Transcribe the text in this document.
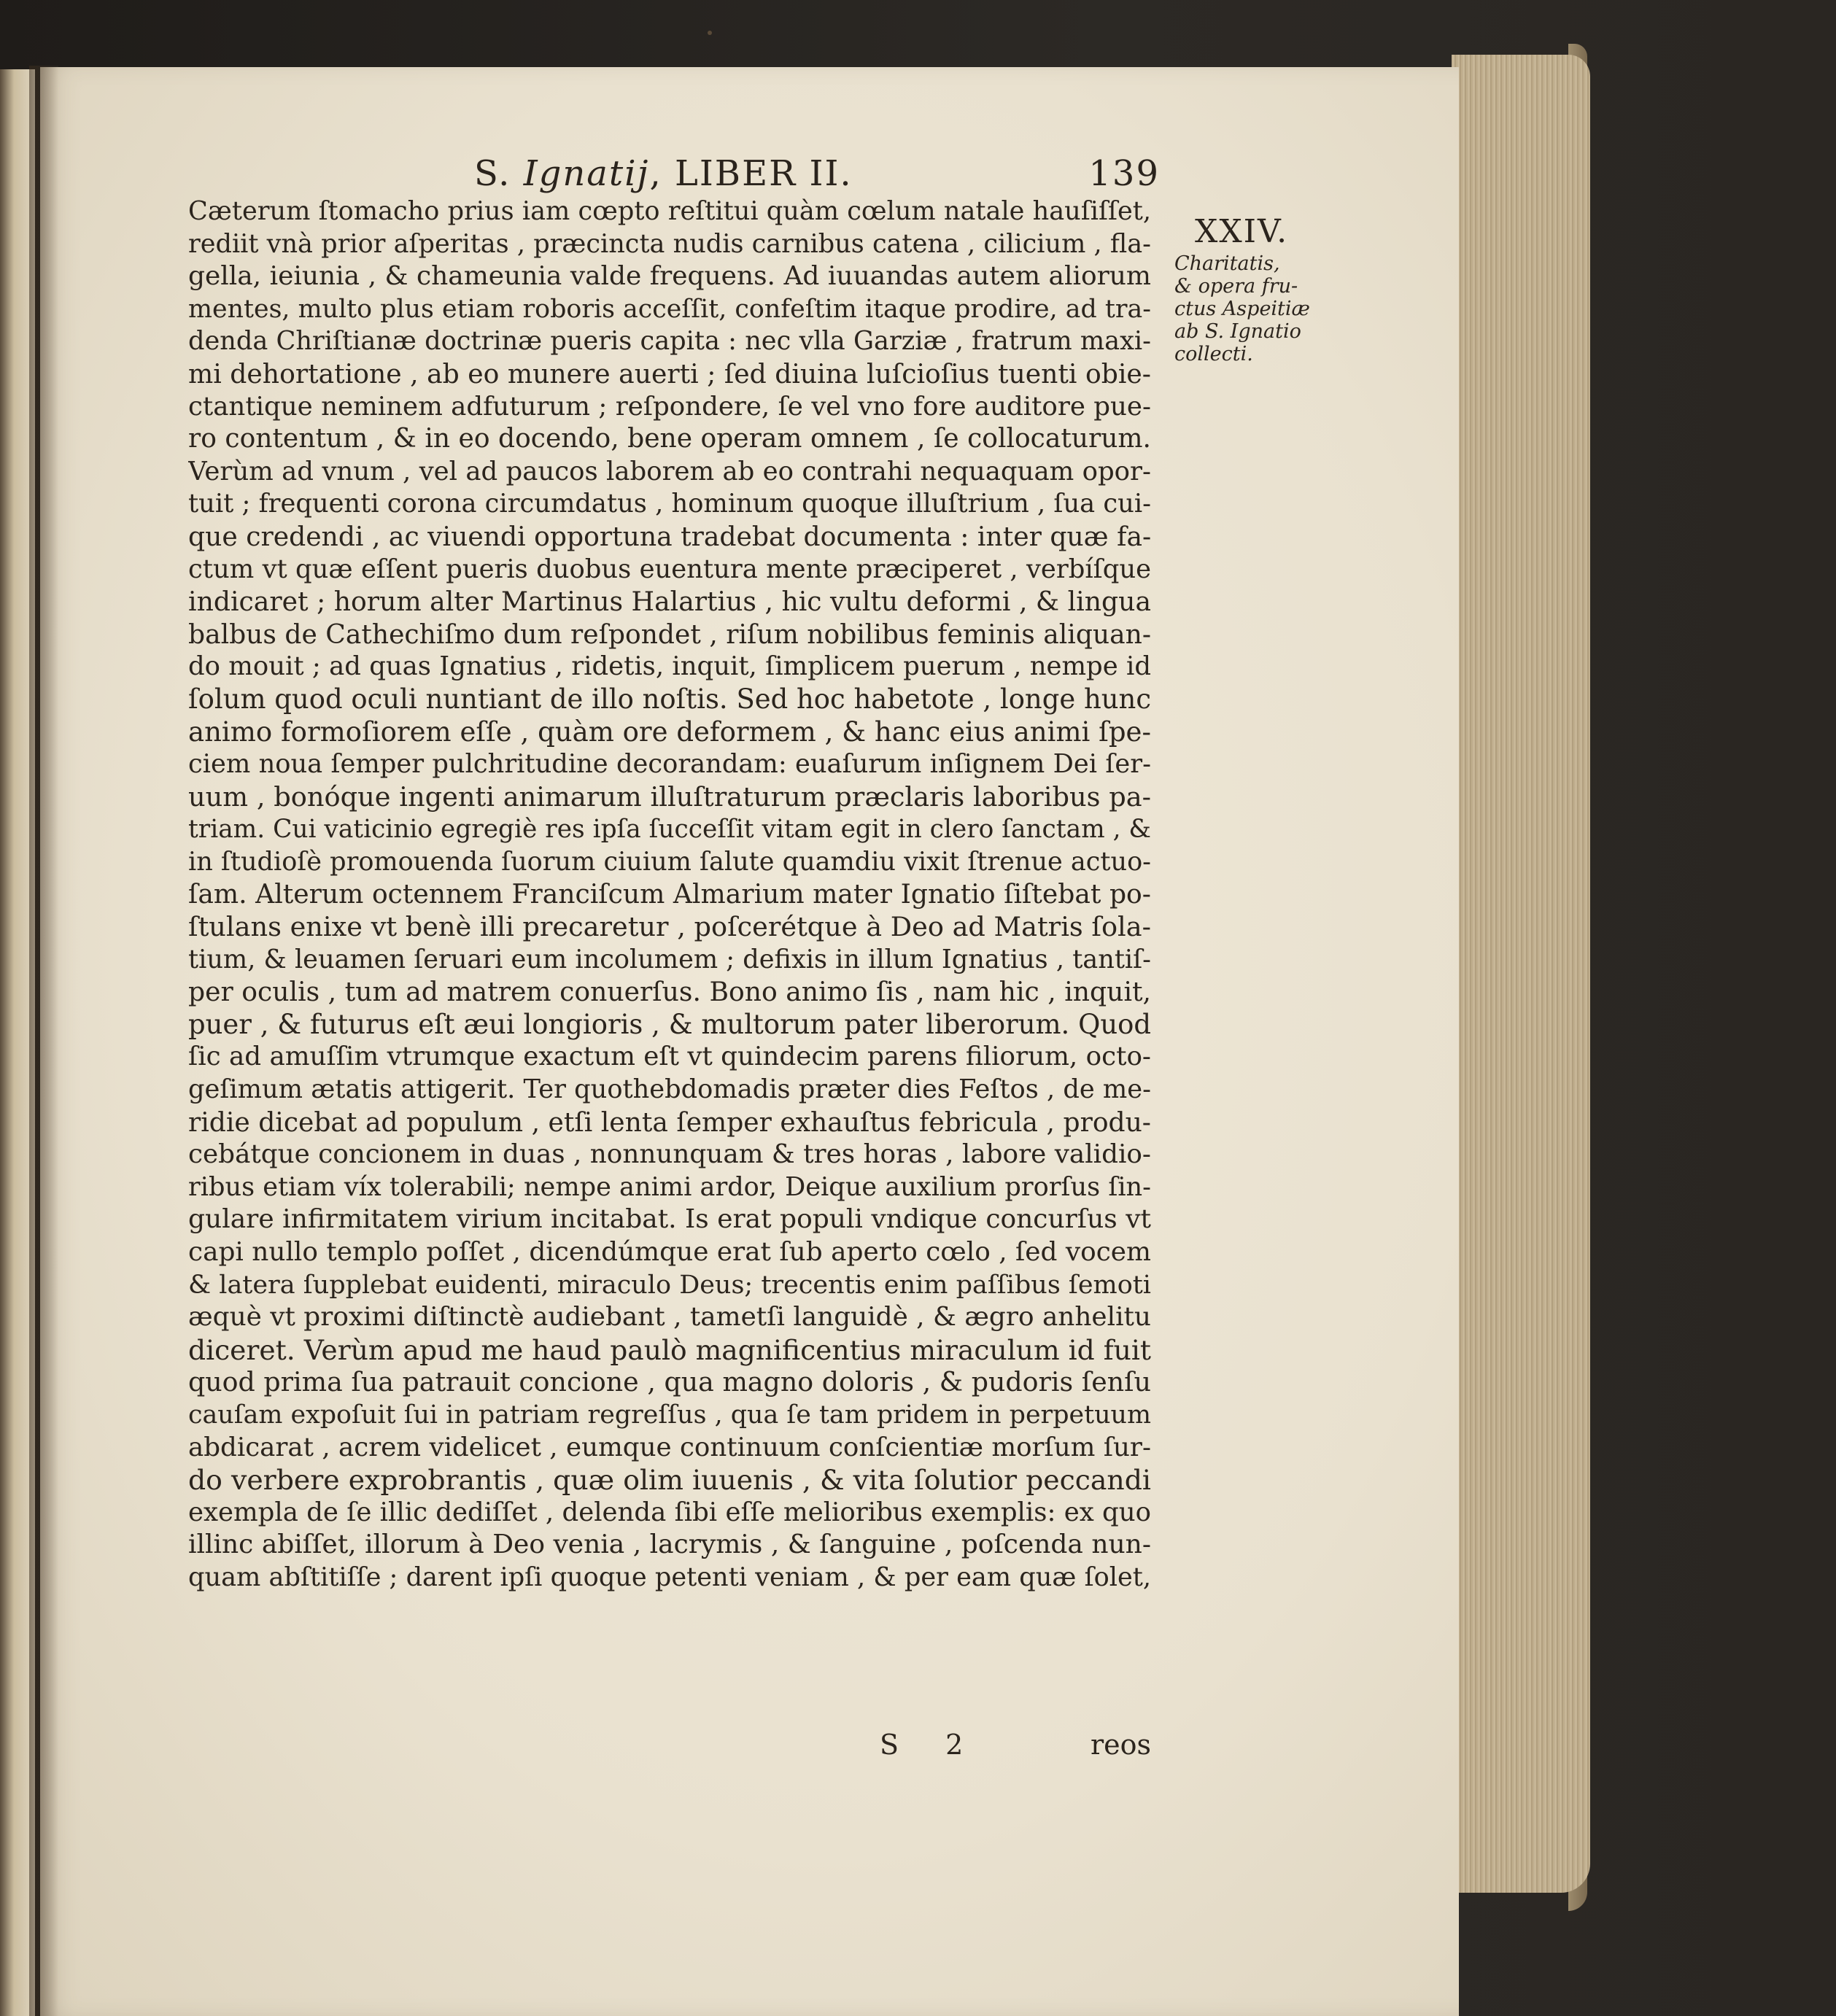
S. Ignatij, LIBER II.	139
Cæterum ſtomacho prius iam cœpto reſtitui quàm cœlum natale hauſiſſet,
rediit vnà prior aſperitas , præcincta nudis carnibus catena , cilicium , fla-
gella, ieiunia , & chameunia valde frequens. Ad iuuandas autem aliorum
mentes, multo plus etiam roboris acceſſit, confeſtim itaque prodire, ad tra-
denda Chriſtianæ doctrinæ pueris capita : nec vlla Garziæ , fratrum maxi-
mi dehortatione , ab eo munere auerti ; ſed diuina luſcioſius tuenti obie-
ctantique neminem adfuturum ; reſpondere, ſe vel vno fore auditore pue-
ro contentum , & in eo docendo, bene operam omnem , ſe collocaturum.
Verùm ad vnum , vel ad paucos laborem ab eo contrahi nequaquam opor-
tuit ; frequenti corona circumdatus , hominum quoque illuſtrium , ſua cui-
que credendi , ac viuendi opportuna tradebat documenta : inter quæ fa-
ctum vt quæ eſſent pueris duobus euentura mente præciperet , verbíſque
indicaret ; horum alter Martinus Halartius , hic vultu deformi , & lingua
balbus de Cathechiſmo dum reſpondet , riſum nobilibus feminis aliquan-
do mouit ; ad quas Ignatius , ridetis, inquit, ſimplicem puerum , nempe id
ſolum quod oculi nuntiant de illo noſtis. Sed hoc habetote , longe hunc
animo formoſiorem eſſe , quàm ore deformem , & hanc eius animi ſpe-
ciem noua ſemper pulchritudine decorandam: euaſurum inſignem Dei ſer-
uum , bonóque ingenti animarum illuſtraturum præclaris laboribus pa-
triam. Cui vaticinio egregiè res ipſa ſucceſſit vitam egit in clero ſanctam , &
in ſtudioſè promouenda ſuorum ciuium ſalute quamdiu vixit ſtrenue actuo-
ſam. Alterum octennem Franciſcum Almarium mater Ignatio ſiſtebat po-
ſtulans enixe vt benè illi precaretur , poſcerétque à Deo ad Matris ſola-
tium, & leuamen ſeruari eum incolumem ; defixis in illum Ignatius , tantiſ-
per oculis , tum ad matrem conuerſus. Bono animo ſis , nam hic , inquit,
puer , & futurus eſt æui longioris , & multorum pater liberorum. Quod
ſic ad amuſſim vtrumque exactum eſt vt quindecim parens filiorum, octo-
geſimum ætatis attigerit. Ter quothebdomadis præter dies Feſtos , de me-
ridie dicebat ad populum , etſi lenta ſemper exhauſtus febricula , produ-
cebátque concionem in duas , nonnunquam & tres horas , labore validio-
ribus etiam víx tolerabili; nempe animi ardor, Deique auxilium prorſus ſin-
gulare infirmitatem virium incitabat. Is erat populi vndique concurſus vt
capi nullo templo poſſet , dicendúmque erat ſub aperto cœlo , ſed vocem
& latera ſupplebat euidenti, miraculo Deus; trecentis enim paſſibus ſemoti
æquè vt proximi diſtinctè audiebant , tametſi languidè , & ægro anhelitu
diceret. Verùm apud me haud paulò magnificentius miraculum id fuit
quod prima ſua patrauit concione , qua magno doloris , & pudoris ſenſu
cauſam expoſuit ſui in patriam regreſſus , qua ſe tam pridem in perpetuum
abdicarat , acrem videlicet , eumque continuum conſcientiæ morſum ſur-
do verbere exprobrantis , quæ olim iuuenis , & vita ſolutior peccandi
exempla de ſe illic dediſſet , delenda ſibi eſſe melioribus exemplis: ex quo
illinc abiſſet, illorum à Deo venia , lacrymis , & ſanguine , poſcenda nun-
quam abſtitiſſe ; darent ipſi quoque petenti veniam , & per eam quæ ſolet,
XXIV.
Charitatis,
& opera fru-
ctus Aspeitiæ
ab S. Ignatio
collecti.
S 2	reos
